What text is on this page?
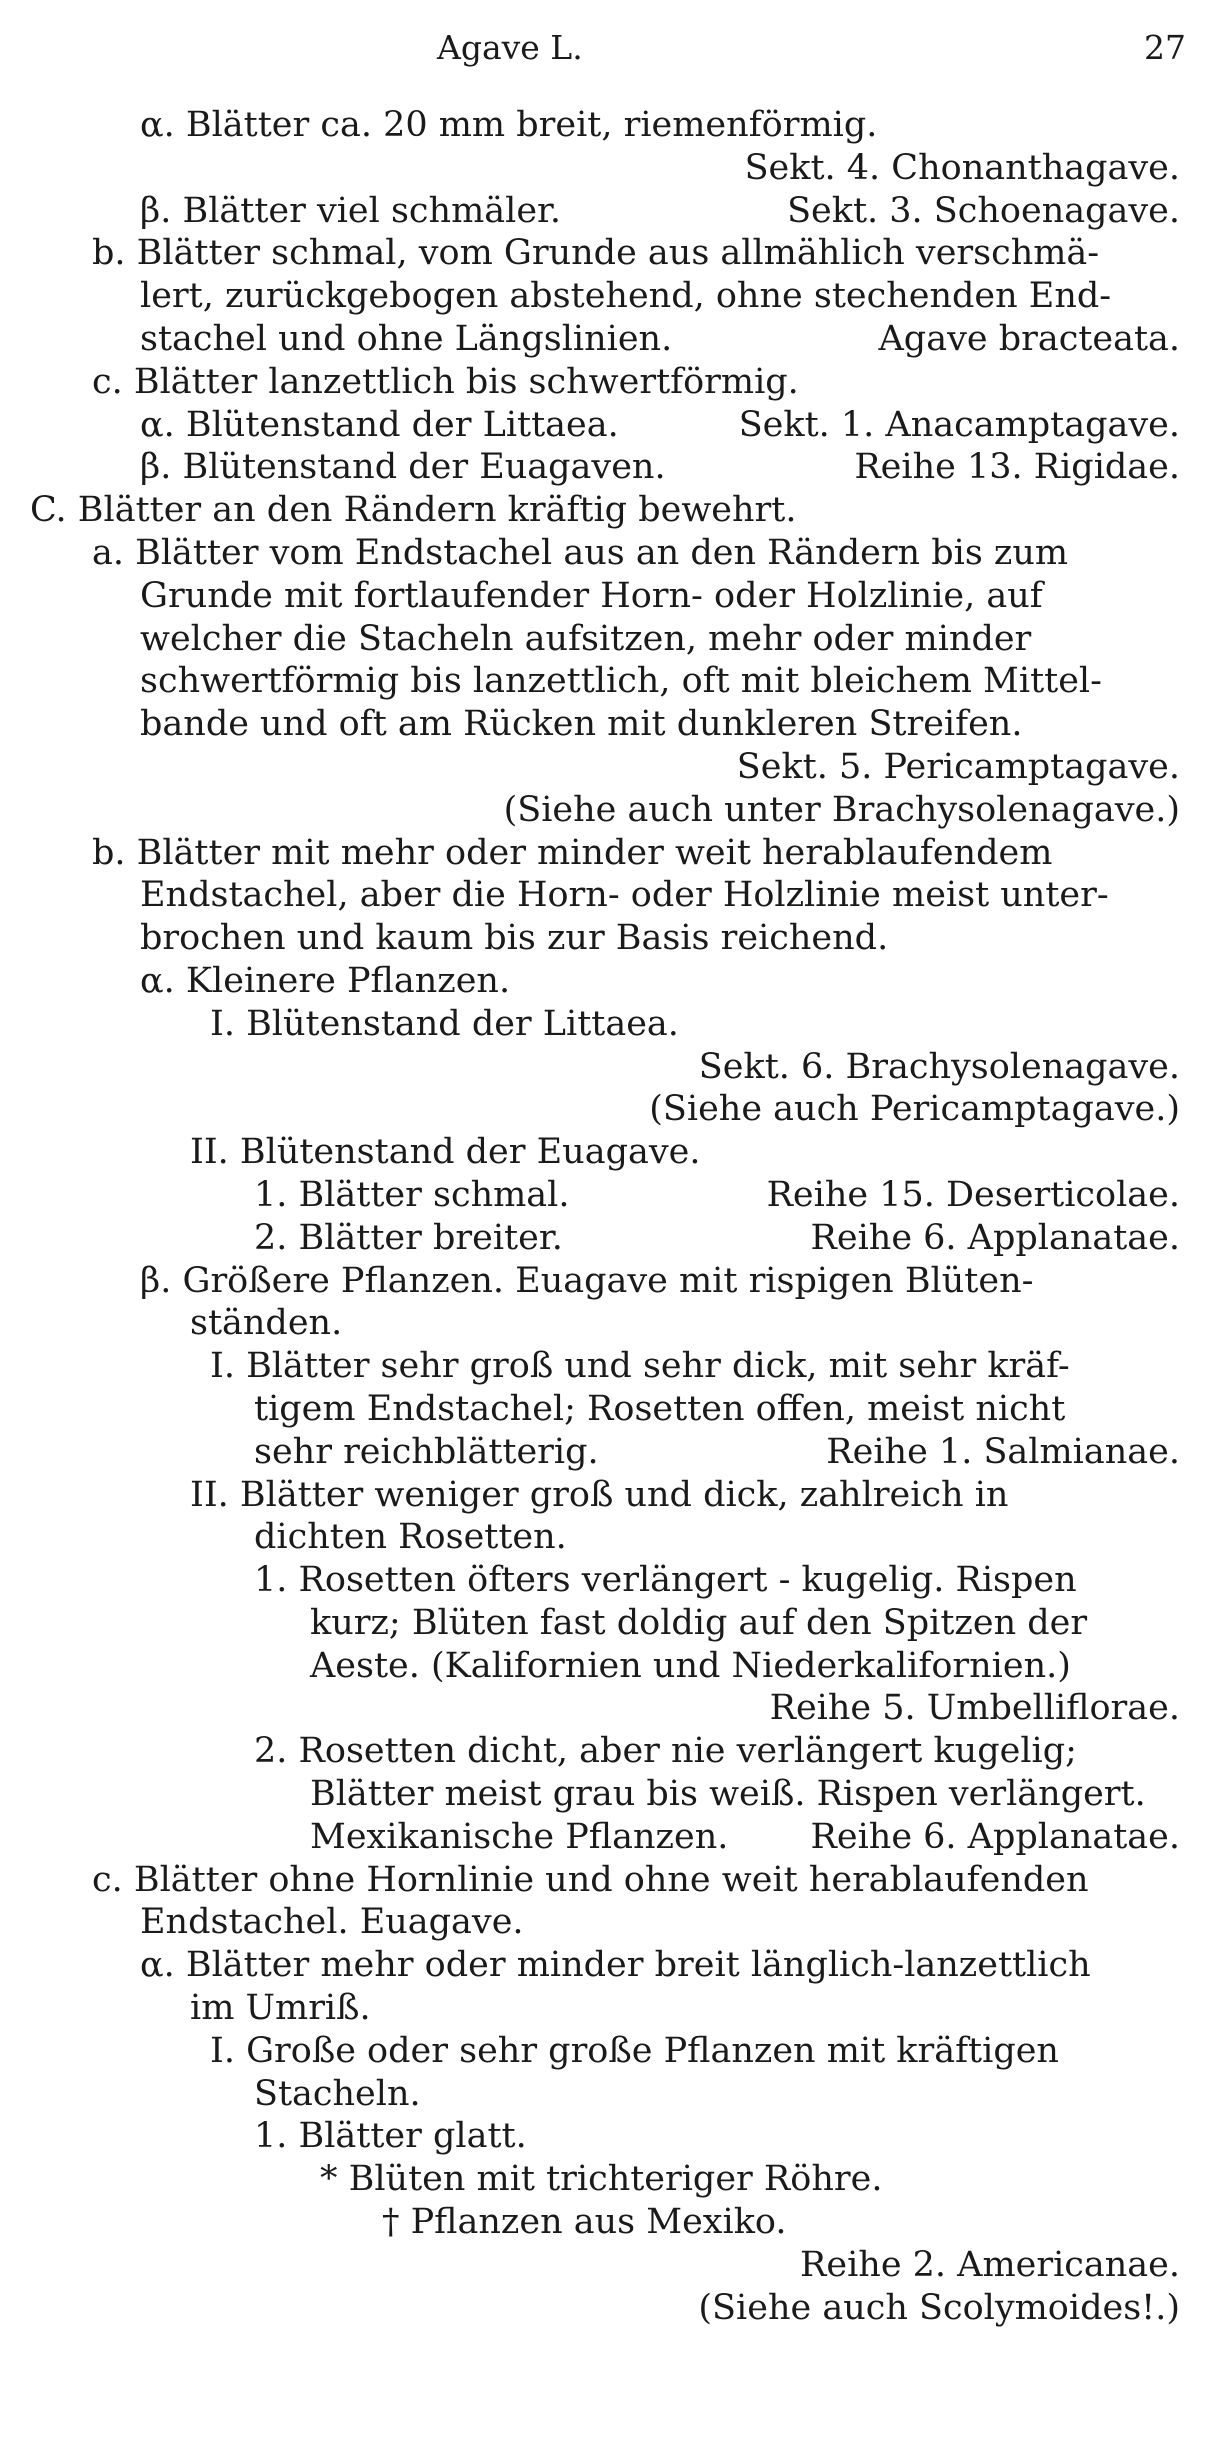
Agave L.	27
α. Blätter ca. 20 mm breit, riemenförmig.
Sekt. 4. Chonanthagave.
β. Blätter viel schmäler.	Sekt. 3. Schoenagave.
b. Blätter schmal, vom Grunde aus allmählich verschmä-
lert, zurückgebogen abstehend, ohne stechenden End-
stachel und ohne Längslinien.	Agave bracteata.
c. Blätter lanzettlich bis schwertförmig.
α. Blütenstand der Littaea.	Sekt. 1. Anacamptagave.
β. Blütenstand der Euagaven.	Reihe 13. Rigidae.
C. Blätter an den Rändern kräftig bewehrt.
a. Blätter vom Endstachel aus an den Rändern bis zum
Grunde mit fortlaufender Horn- oder Holzlinie, auf
welcher die Stacheln aufsitzen, mehr oder minder
schwertförmig bis lanzettlich, oft mit bleichem Mittel-
bande und oft am Rücken mit dunkleren Streifen.
Sekt. 5. Pericamptagave.
(Siehe auch unter Brachysolenagave.)
b. Blätter mit mehr oder minder weit herablaufendem
Endstachel, aber die Horn- oder Holzlinie meist unter-
brochen und kaum bis zur Basis reichend.
α. Kleinere Pflanzen.
I. Blütenstand der Littaea.
Sekt. 6. Brachysolenagave.
(Siehe auch Pericamptagave.)
II. Blütenstand der Euagave.
1. Blätter schmal.	Reihe 15. Deserticolae.
2. Blätter breiter.	Reihe 6. Applanatae.
β. Größere Pflanzen. Euagave mit rispigen Blüten-
ständen.
I. Blätter sehr groß und sehr dick, mit sehr kräf-
tigem Endstachel; Rosetten offen, meist nicht
sehr reichblätterig.	Reihe 1. Salmianae.
II. Blätter weniger groß und dick, zahlreich in
dichten Rosetten.
1. Rosetten öfters verlängert - kugelig. Rispen
kurz; Blüten fast doldig auf den Spitzen der
Aeste. (Kalifornien und Niederkalifornien.)
Reihe 5. Umbelliflorae.
2. Rosetten dicht, aber nie verlängert kugelig;
Blätter meist grau bis weiß. Rispen verlängert.
Mexikanische Pflanzen. Reihe 6. Applanatae.
c. Blätter ohne Hornlinie und ohne weit herablaufenden
Endstachel. Euagave.
α. Blätter mehr oder minder breit länglich-lanzettlich
im Umriß.
I. Große oder sehr große Pflanzen mit kräftigen
Stacheln.
1. Blätter glatt.
* Blüten mit trichteriger Röhre.
† Pflanzen aus Mexiko.
Reihe 2. Americanae.
(Siehe auch Scolymoides!.)
